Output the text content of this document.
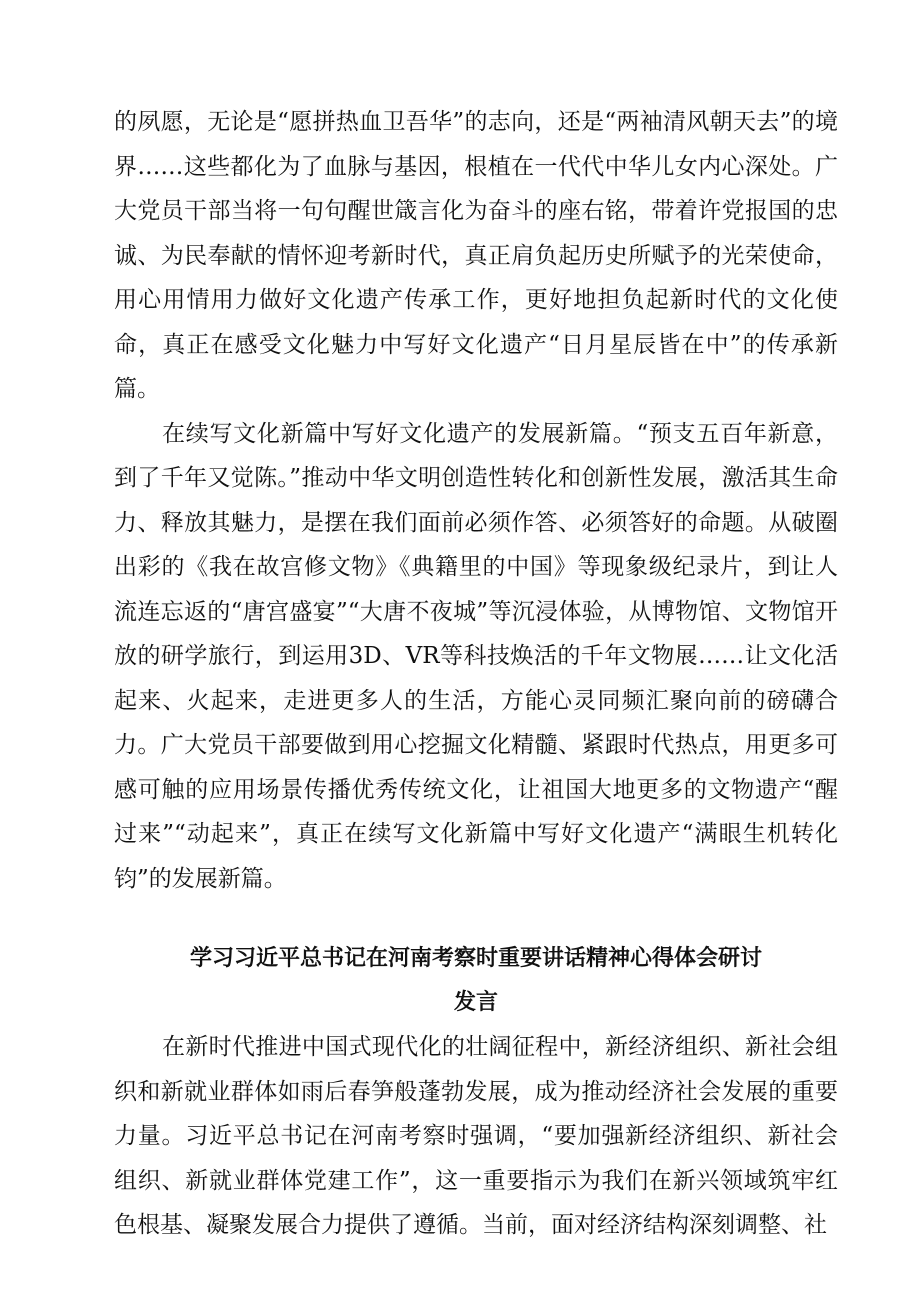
的夙愿，无论是“愿拼热血卫吾华”的志向，还是“两袖清风朝天去”的境界……这些都化为了血脉与基因，根植在一代代中华儿女内心深处。广大党员干部当将一句句醒世箴言化为奋斗的座右铭，带着许党报国的忠诚、为民奉献的情怀迎考新时代，真正肩负起历史所赋予的光荣使命，用心用情用力做好文化遗产传承工作，更好地担负起新时代的文化使命，真正在感受文化魅力中写好文化遗产“日月星辰皆在中”的传承新篇。

在续写文化新篇中写好文化遗产的发展新篇。“预支五百年新意，到了千年又觉陈。”推动中华文明创造性转化和创新性发展，激活其生命力、释放其魅力，是摆在我们面前必须作答、必须答好的命题。从破圈出彩的《我在故宫修文物》《典籍里的中国》等现象级纪录片，到让人流连忘返的“唐宫盛宴”“大唐不夜城”等沉浸体验，从博物馆、文物馆开放的研学旅行，到运用3D、VR等科技焕活的千年文物展……让文化活起来、火起来，走进更多人的生活，方能心灵同频汇聚向前的磅礴合力。广大党员干部要做到用心挖掘文化精髓、紧跟时代热点，用更多可感可触的应用场景传播优秀传统文化，让祖国大地更多的文物遗产“醒过来”“动起来”，真正在续写文化新篇中写好文化遗产“满眼生机转化钧”的发展新篇。

学习习近平总书记在河南考察时重要讲话精神心得体会研讨
发言

在新时代推进中国式现代化的壮阔征程中，新经济组织、新社会组织和新就业群体如雨后春笋般蓬勃发展，成为推动经济社会发展的重要力量。习近平总书记在河南考察时强调，“要加强新经济组织、新社会组织、新就业群体党建工作”，这一重要指示为我们在新兴领域筑牢红色根基、凝聚发展合力提供了遵循。当前，面对经济结构深刻调整、社
